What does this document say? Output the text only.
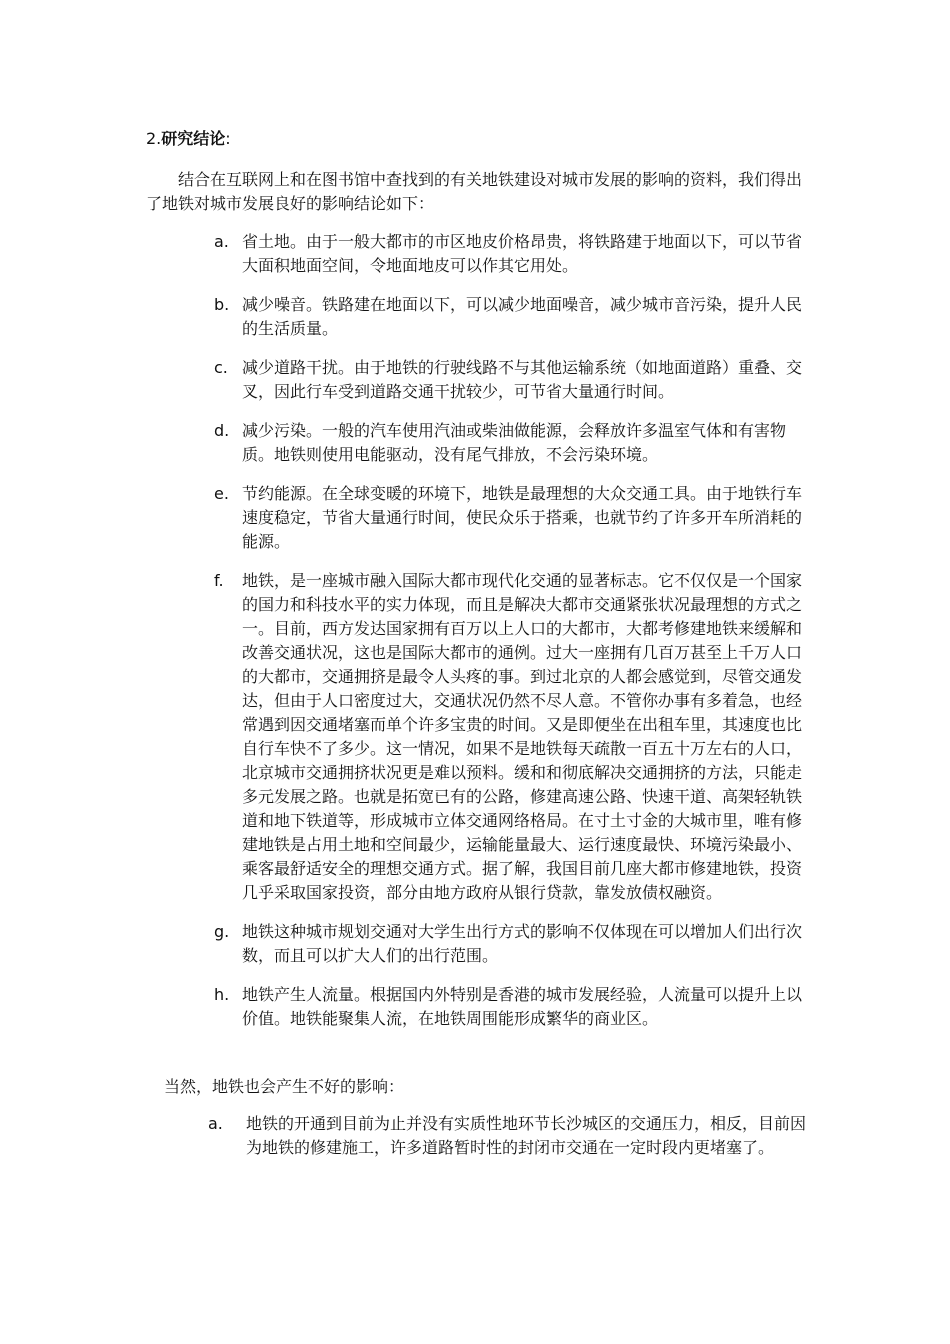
2.研究结论:

结合在互联网上和在图书馆中查找到的有关地铁建设对城市发展的影响的资料，我们得出了地铁对城市发展良好的影响结论如下：

a. 省土地。由于一般大都市的市区地皮价格昂贵，将铁路建于地面以下，可以节省大面积地面空间，令地面地皮可以作其它用处。
b. 减少噪音。铁路建在地面以下，可以减少地面噪音，减少城市音污染，提升人民的生活质量。
c. 减少道路干扰。由于地铁的行驶线路不与其他运输系统（如地面道路）重叠、交叉，因此行车受到道路交通干扰较少，可节省大量通行时间。
d. 减少污染。一般的汽车使用汽油或柴油做能源，会释放许多温室气体和有害物质。地铁则使用电能驱动，没有尾气排放，不会污染环境。
e. 节约能源。在全球变暖的环境下，地铁是最理想的大众交通工具。由于地铁行车速度稳定，节省大量通行时间，使民众乐于搭乘，也就节约了许多开车所消耗的能源。
f. 地铁，是一座城市融入国际大都市现代化交通的显著标志。它不仅仅是一个国家的国力和科技水平的实力体现，而且是解决大都市交通紧张状况最理想的方式之一。目前，西方发达国家拥有百万以上人口的大都市，大都考修建地铁来缓解和改善交通状况，这也是国际大都市的通例。过大一座拥有几百万甚至上千万人口的大都市，交通拥挤是最令人头疼的事。到过北京的人都会感觉到，尽管交通发达，但由于人口密度过大，交通状况仍然不尽人意。不管你办事有多着急，也经常遇到因交通堵塞而单个许多宝贵的时间。又是即便坐在出租车里，其速度也比自行车快不了多少。这一情况，如果不是地铁每天疏散一百五十万左右的人口，北京城市交通拥挤状况更是难以预料。缓和和彻底解决交通拥挤的方法，只能走多元发展之路。也就是拓宽已有的公路，修建高速公路、快速干道、高架轻轨铁道和地下铁道等，形成城市立体交通网络格局。在寸土寸金的大城市里，唯有修建地铁是占用土地和空间最少，运输能量最大、运行速度最快、环境污染最小、乘客最舒适安全的理想交通方式。据了解，我国目前几座大都市修建地铁，投资几乎采取国家投资，部分由地方政府从银行贷款，靠发放债权融资。
g. 地铁这种城市规划交通对大学生出行方式的影响不仅体现在可以增加人们出行次数，而且可以扩大人们的出行范围。
h. 地铁产生人流量。根据国内外特别是香港的城市发展经验，人流量可以提升上以价值。地铁能聚集人流，在地铁周围能形成繁华的商业区。
当然，地铁也会产生不好的影响：
a. 地铁的开通到目前为止并没有实质性地环节长沙城区的交通压力，相反，目前因为地铁的修建施工，许多道路暂时性的封闭市交通在一定时段内更堵塞了。
